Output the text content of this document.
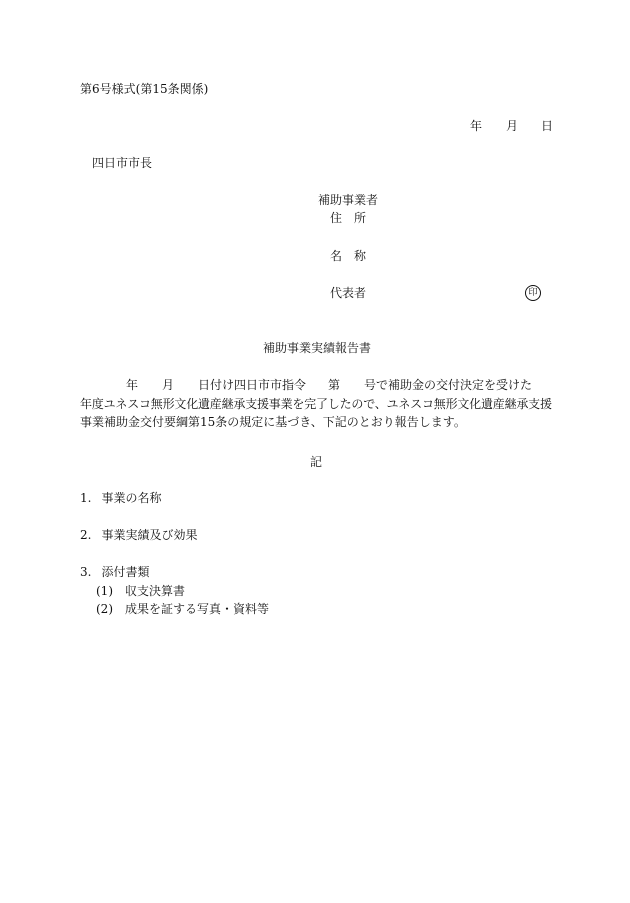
第6号様式(第15条関係)
年 月 日
四日市市長
補助事業者
住 所
名 称
代表者	印
補助事業実績報告書
年 月 日付け四日市市指令 第 号で補助金の交付決定を受けた
年度ユネスコ無形文化遺産継承支援事業を完了したので、ユネスコ無形文化遺産継承支援
事業補助金交付要綱第15条の規定に基づき、下記のとおり報告します。
記
1. 事業の名称
2. 事業実績及び効果
3. 添付書類
(1) 収支決算書
(2) 成果を証する写真・資料等
